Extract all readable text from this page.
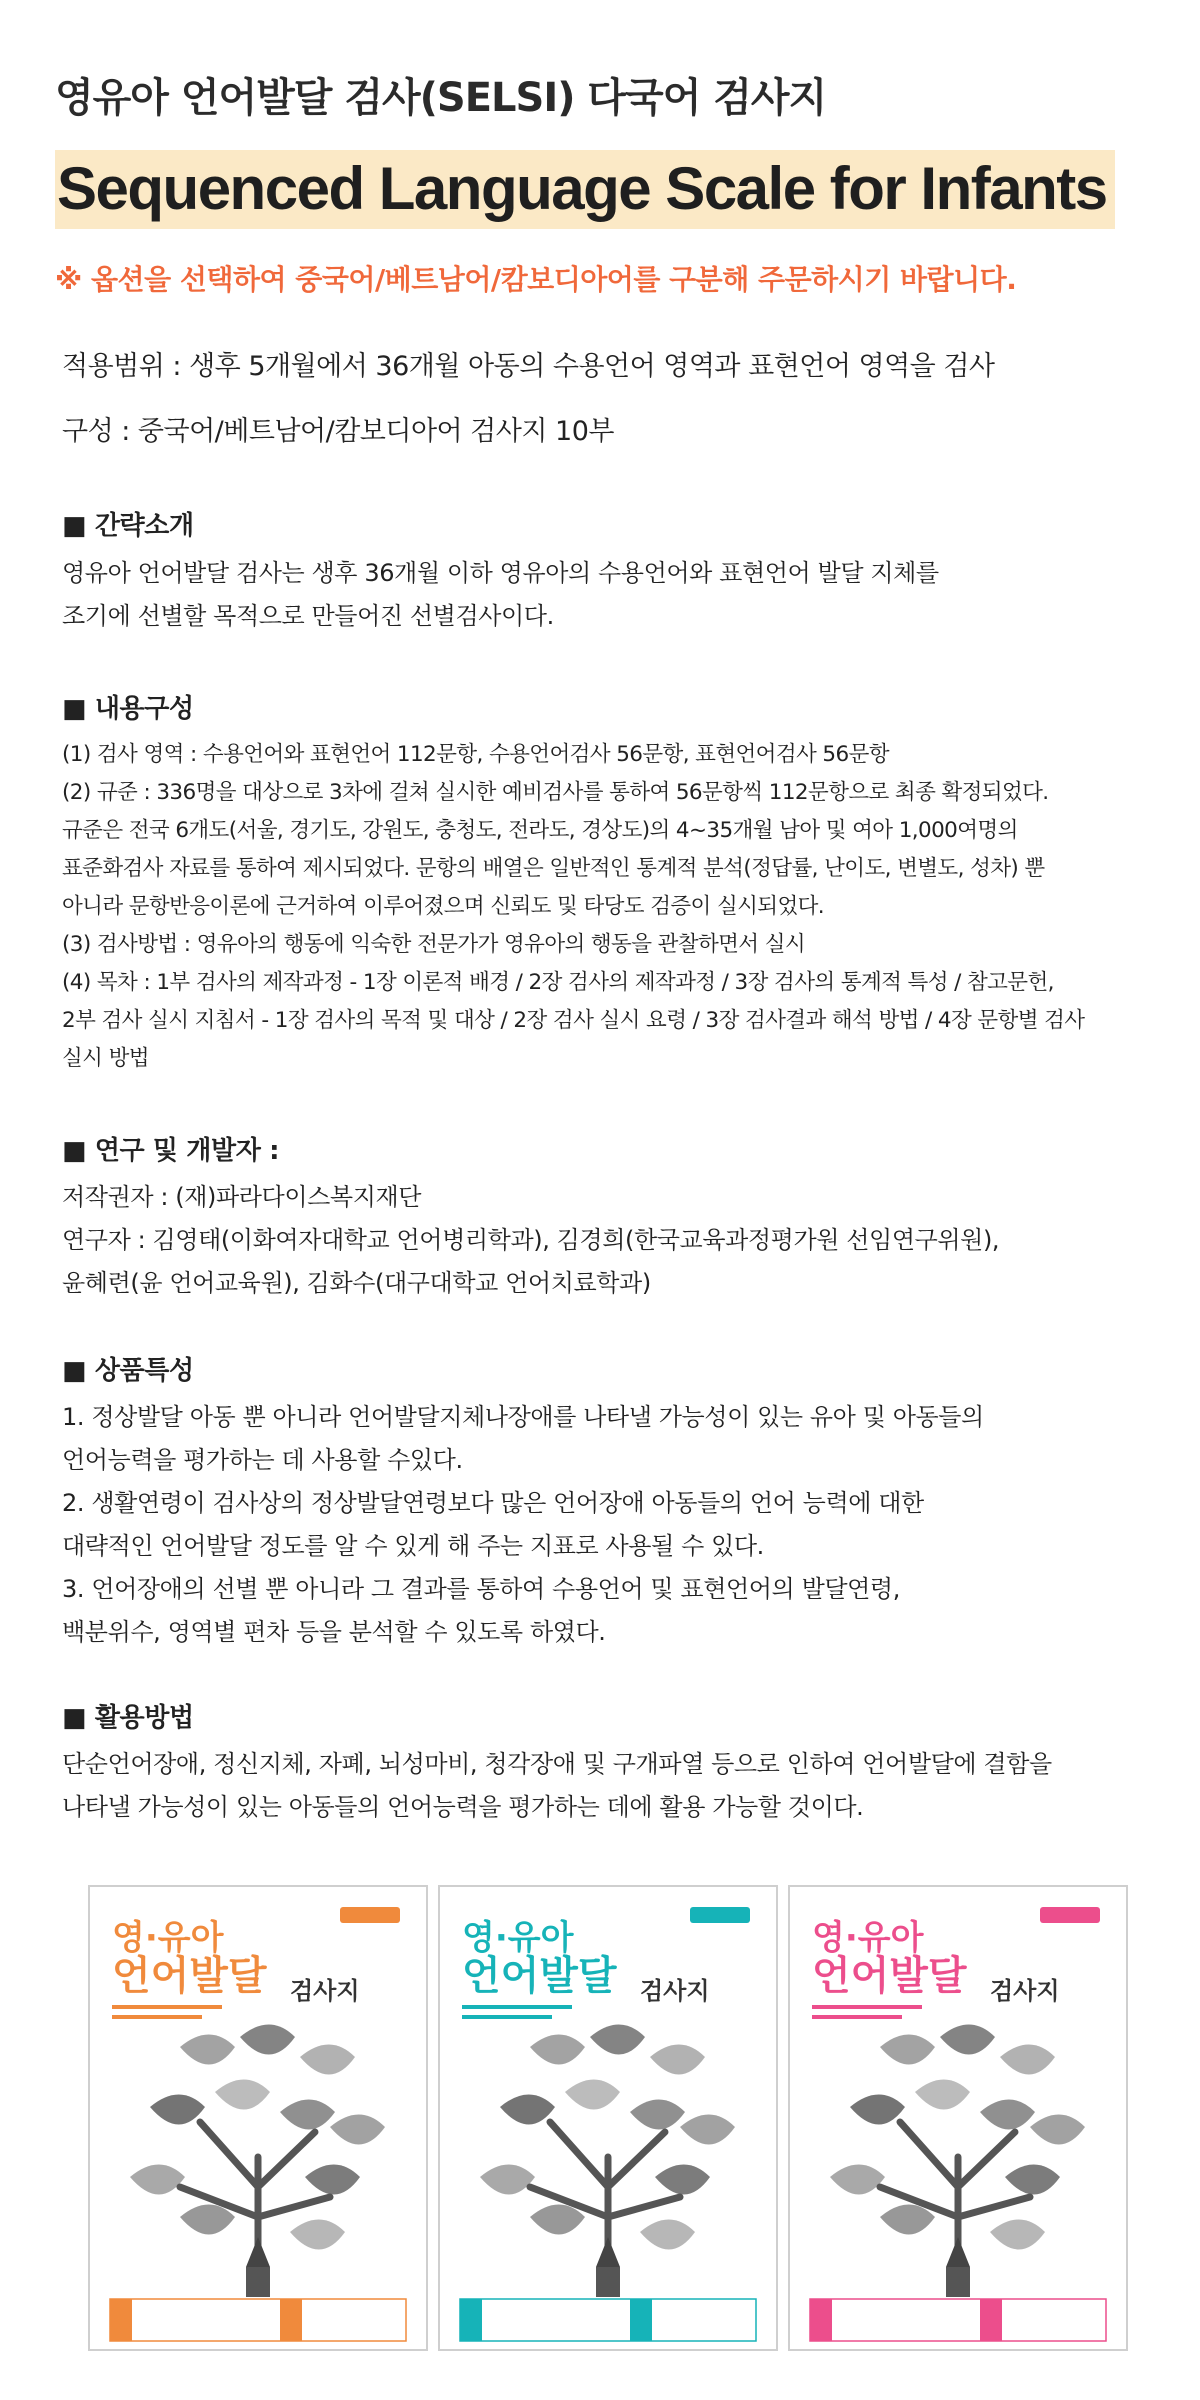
영유아 언어발달 검사(SELSI) 다국어 검사지
Sequenced Language Scale for Infants
※ 옵션을 선택하여 중국어/베트남어/캄보디아어를 구분해 주문하시기 바랍니다.
적용범위 : 생후 5개월에서 36개월 아동의 수용언어 영역과 표현언어 영역을 검사
구성 : 중국어/베트남어/캄보디아어 검사지 10부
■ 간략소개
영유아 언어발달 검사는 생후 36개월 이하 영유아의 수용언어와 표현언어 발달 지체를
조기에 선별할 목적으로 만들어진 선별검사이다.
■ 내용구성
(1) 검사 영역 : 수용언어와 표현언어 112문항, 수용언어검사 56문항, 표현언어검사 56문항
(2) 규준 : 336명을 대상으로 3차에 걸쳐 실시한 예비검사를 통하여 56문항씩 112문항으로 최종 확정되었다.
규준은 전국 6개도(서울, 경기도, 강원도, 충청도, 전라도, 경상도)의 4~35개월 남아 및 여아 1,000여명의
표준화검사 자료를 통하여 제시되었다. 문항의 배열은 일반적인 통계적 분석(정답률, 난이도, 변별도, 성차) 뿐
아니라 문항반응이론에 근거하여 이루어졌으며 신뢰도 및 타당도 검증이 실시되었다.
(3) 검사방법 : 영유아의 행동에 익숙한 전문가가 영유아의 행동을 관찰하면서 실시
(4) 목차 : 1부 검사의 제작과정 - 1장 이론적 배경 / 2장 검사의 제작과정 / 3장 검사의 통계적 특성 / 참고문헌,
2부 검사 실시 지침서 - 1장 검사의 목적 및 대상 / 2장 검사 실시 요령 / 3장 검사결과 해석 방법 / 4장 문항별 검사
실시 방법
■ 연구 및 개발자 :
저작권자 : (재)파라다이스복지재단
연구자 : 김영태(이화여자대학교 언어병리학과), 김경희(한국교육과정평가원 선임연구위원),
윤혜련(윤 언어교육원), 김화수(대구대학교 언어치료학과)
■ 상품특성
1. 정상발달 아동 뿐 아니라 언어발달지체나장애를 나타낼 가능성이 있는 유아 및 아동들의
언어능력을 평가하는 데 사용할 수있다.
2. 생활연령이 검사상의 정상발달연령보다 많은 언어장애 아동들의 언어 능력에 대한
대략적인 언어발달 정도를 알 수 있게 해 주는 지표로 사용될 수 있다.
3. 언어장애의 선별 뿐 아니라 그 결과를 통하여 수용언어 및 표현언어의 발달연령,
백분위수, 영역별 편차 등을 분석할 수 있도록 하였다.
■ 활용방법
단순언어장애, 정신지체, 자폐, 뇌성마비, 청각장애 및 구개파열 등으로 인하여 언어발달에 결함을
나타낼 가능성이 있는 아동들의 언어능력을 평가하는 데에 활용 가능할 것이다.
영·유아
언어발달 검사지
영·유아
언어발달 검사지
영·유아
언어발달 검사지
